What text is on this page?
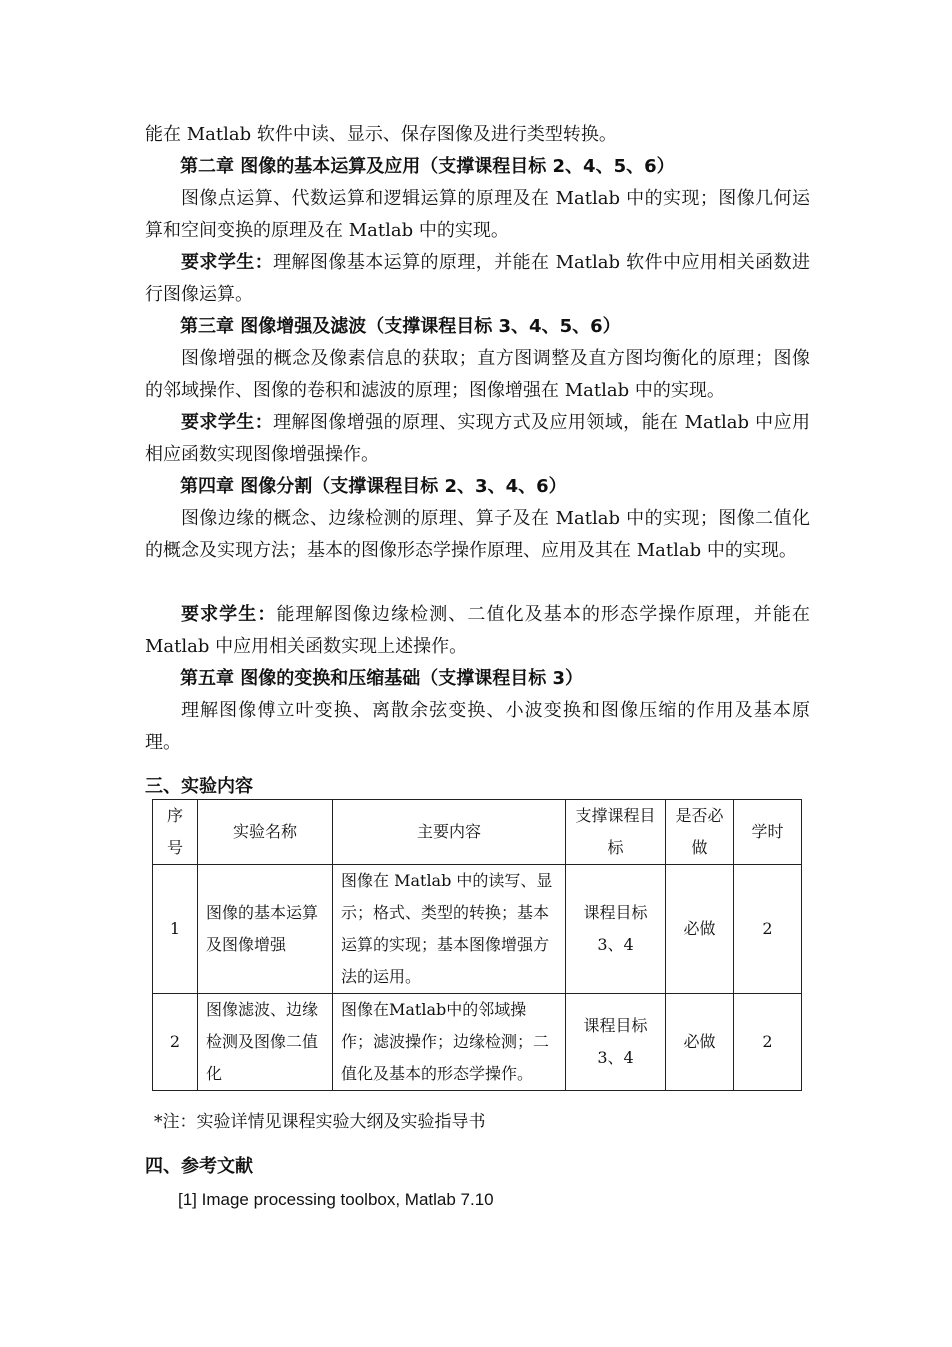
能在 Matlab 软件中读、显示、保存图像及进行类型转换。
第二章 图像的基本运算及应用（支撑课程目标 2、4、5、6）
图像点运算、代数运算和逻辑运算的原理及在 Matlab 中的实现；图像几何运算和空间变换的原理及在 Matlab 中的实现。
要求学生：理解图像基本运算的原理，并能在 Matlab 软件中应用相关函数进行图像运算。
第三章 图像增强及滤波（支撑课程目标 3、4、5、6）
图像增强的概念及像素信息的获取；直方图调整及直方图均衡化的原理；图像的邻域操作、图像的卷积和滤波的原理；图像增强在 Matlab 中的实现。
要求学生：理解图像增强的原理、实现方式及应用领域，能在 Matlab 中应用相应函数实现图像增强操作。
第四章 图像分割（支撑课程目标 2、3、4、6）
图像边缘的概念、边缘检测的原理、算子及在 Matlab 中的实现；图像二值化的概念及实现方法；基本的图像形态学操作原理、应用及其在 Matlab 中的实现。
要求学生：能理解图像边缘检测、二值化及基本的形态学操作原理，并能在 Matlab 中应用相关函数实现上述操作。
第五章 图像的变换和压缩基础（支撑课程目标 3）
理解图像傅立叶变换、离散余弦变换、小波变换和图像压缩的作用及基本原理。
三、实验内容
序号	实验名称	主要内容	支撑课程目标	是否必做	学时
1	图像的基本运算及图像增强	图像在 Matlab 中的读写、显示；格式、类型的转换；基本运算的实现；基本图像增强方法的运用。	课程目标 3、4	必做	2
2	图像滤波、边缘检测及图像二值化	图像在Matlab中的邻域操作；滤波操作；边缘检测；二值化及基本的形态学操作。	课程目标 3、4	必做	2
*注：实验详情见课程实验大纲及实验指导书
四、参考文献
[1] Image processing toolbox, Matlab 7.10
